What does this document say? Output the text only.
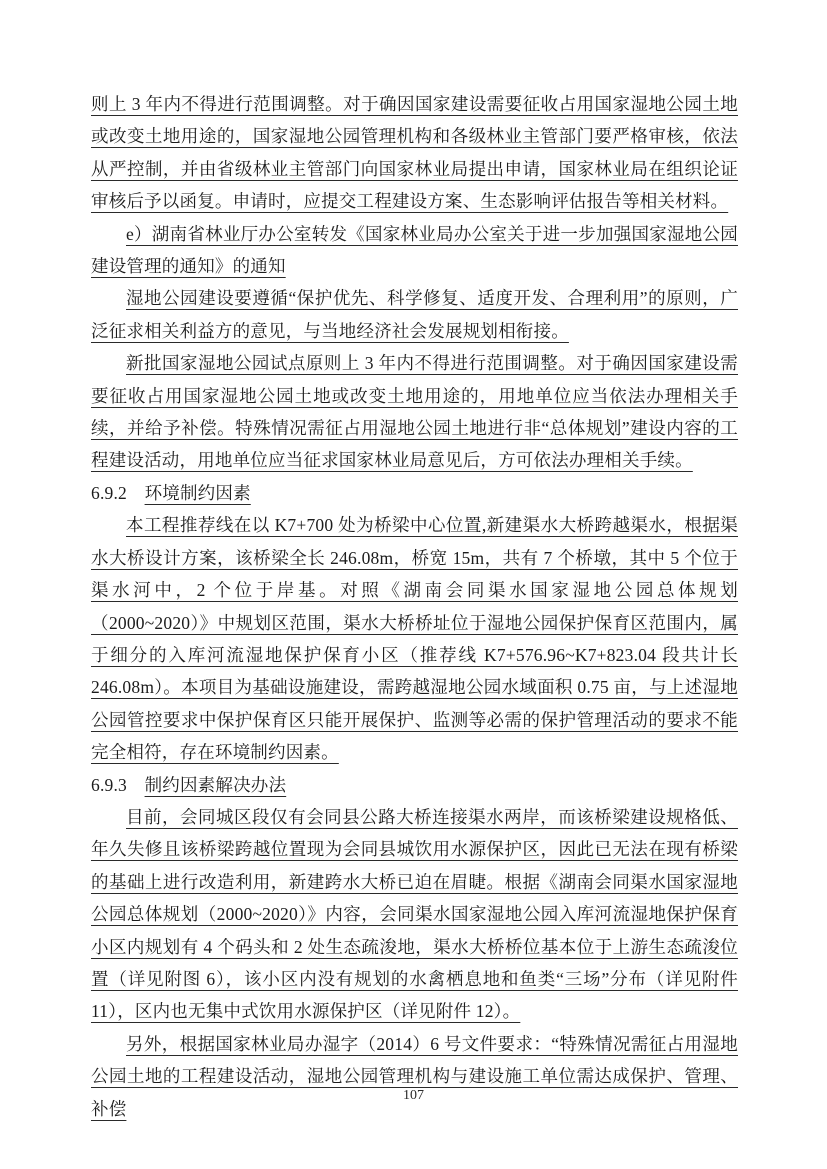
则上 3 年内不得进行范围调整。对于确因国家建设需要征收占用国家湿地公园土地或改变土地用途的，国家湿地公园管理机构和各级林业主管部门要严格审核，依法从严控制，并由省级林业主管部门向国家林业局提出申请，国家林业局在组织论证审核后予以函复。申请时，应提交工程建设方案、生态影响评估报告等相关材料。

e）湖南省林业厅办公室转发《国家林业局办公室关于进一步加强国家湿地公园建设管理的通知》的通知

湿地公园建设要遵循“保护优先、科学修复、适度开发、合理利用”的原则，广泛征求相关利益方的意见，与当地经济社会发展规划相衔接。

新批国家湿地公园试点原则上 3 年内不得进行范围调整。对于确因国家建设需要征收占用国家湿地公园土地或改变土地用途的，用地单位应当依法办理相关手续，并给予补偿。特殊情况需征占用湿地公园土地进行非“总体规划”建设内容的工程建设活动，用地单位应当征求国家林业局意见后，方可依法办理相关手续。

6.9.2 环境制约因素

本工程推荐线在以 K7+700 处为桥梁中心位置,新建渠水大桥跨越渠水，根据渠水大桥设计方案，该桥梁全长 246.08m，桥宽 15m，共有 7 个桥墩，其中 5 个位于渠水河中，2 个位于岸基。对照《湖南会同渠水国家湿地公园总体规划（2000~2020）》中规划区范围，渠水大桥桥址位于湿地公园保护保育区范围内，属于细分的入库河流湿地保护保育小区（推荐线 K7+576.96~K7+823.04 段共计长 246.08m）。本项目为基础设施建设，需跨越湿地公园水域面积 0.75 亩，与上述湿地公园管控要求中保护保育区只能开展保护、监测等必需的保护管理活动的要求不能完全相符，存在环境制约因素。

6.9.3 制约因素解决办法

目前，会同城区段仅有会同县公路大桥连接渠水两岸，而该桥梁建设规格低、年久失修且该桥梁跨越位置现为会同县城饮用水源保护区，因此已无法在现有桥梁的基础上进行改造利用，新建跨水大桥已迫在眉睫。根据《湖南会同渠水国家湿地公园总体规划（2000~2020）》内容，会同渠水国家湿地公园入库河流湿地保护保育小区内规划有 4 个码头和 2 处生态疏浚地，渠水大桥桥位基本位于上游生态疏浚位置（详见附图 6），该小区内没有规划的水禽栖息地和鱼类“三场”分布（详见附件 11），区内也无集中式饮用水源保护区（详见附件 12）。

另外，根据国家林业局办湿字（2014）6 号文件要求：“特殊情况需征占用湿地公园土地的工程建设活动，湿地公园管理机构与建设施工单位需达成保护、管理、补偿

107
